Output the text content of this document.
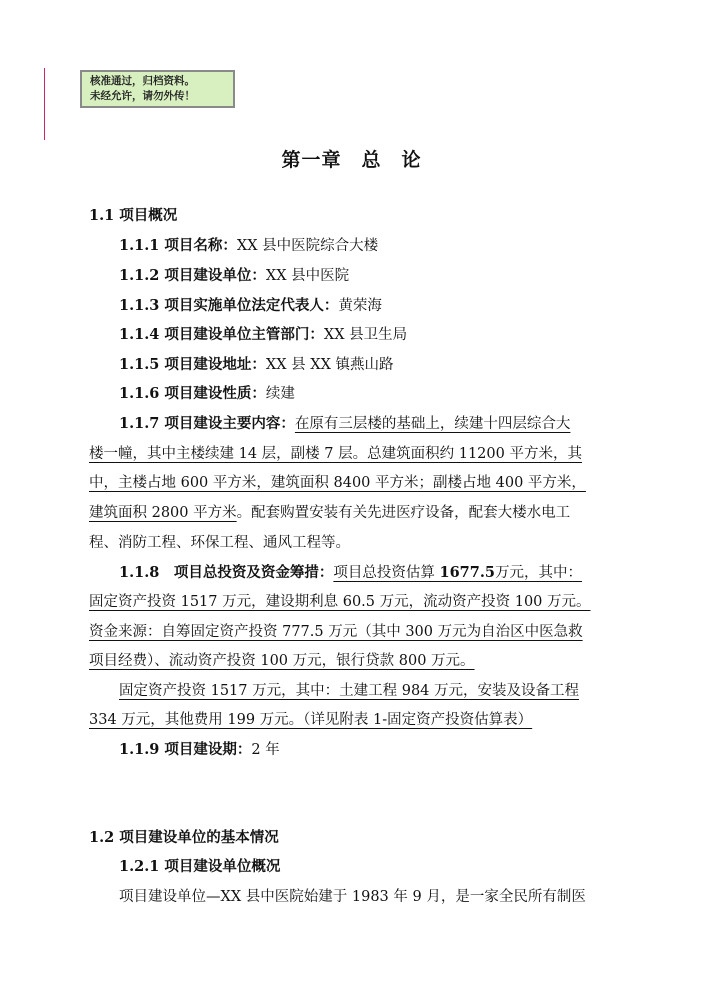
核准通过，归档资料。
未经允许，请勿外传！
第一章　总　论
1.1 项目概况
1.1.1 项目名称：XX 县中医院综合大楼
1.1.2 项目建设单位：XX 县中医院
1.1.3 项目实施单位法定代表人：黄荣海
1.1.4 项目建设单位主管部门：XX 县卫生局
1.1.5 项目建设地址：XX 县 XX 镇燕山路
1.1.6 项目建设性质：续建
1.1.7 项目建设主要内容：在原有三层楼的基础上，续建十四层综合大
楼一幢，其中主楼续建 14 层，副楼 7 层。总建筑面积约 11200 平方米，其
中，主楼占地 600 平方米，建筑面积 8400 平方米；副楼占地 400 平方米，
建筑面积 2800 平方米。配套购置安装有关先进医疗设备，配套大楼水电工
程、消防工程、环保工程、通风工程等。
1.1.8　项目总投资及资金筹措：项目总投资估算 1677.5万元，其中：
固定资产投资 1517 万元，建设期利息 60.5 万元，流动资产投资 100 万元。
资金来源：自筹固定资产投资 777.5 万元（其中 300 万元为自治区中医急救
项目经费）、流动资产投资 100 万元，银行贷款 800 万元。
固定资产投资 1517 万元，其中：土建工程 984 万元，安装及设备工程
334 万元，其他费用 199 万元。（详见附表 1-固定资产投资估算表）
1.1.9 项目建设期：2 年
1.2 项目建设单位的基本情况
1.2.1 项目建设单位概况
项目建设单位—XX 县中医院始建于 1983 年 9 月，是一家全民所有制医
